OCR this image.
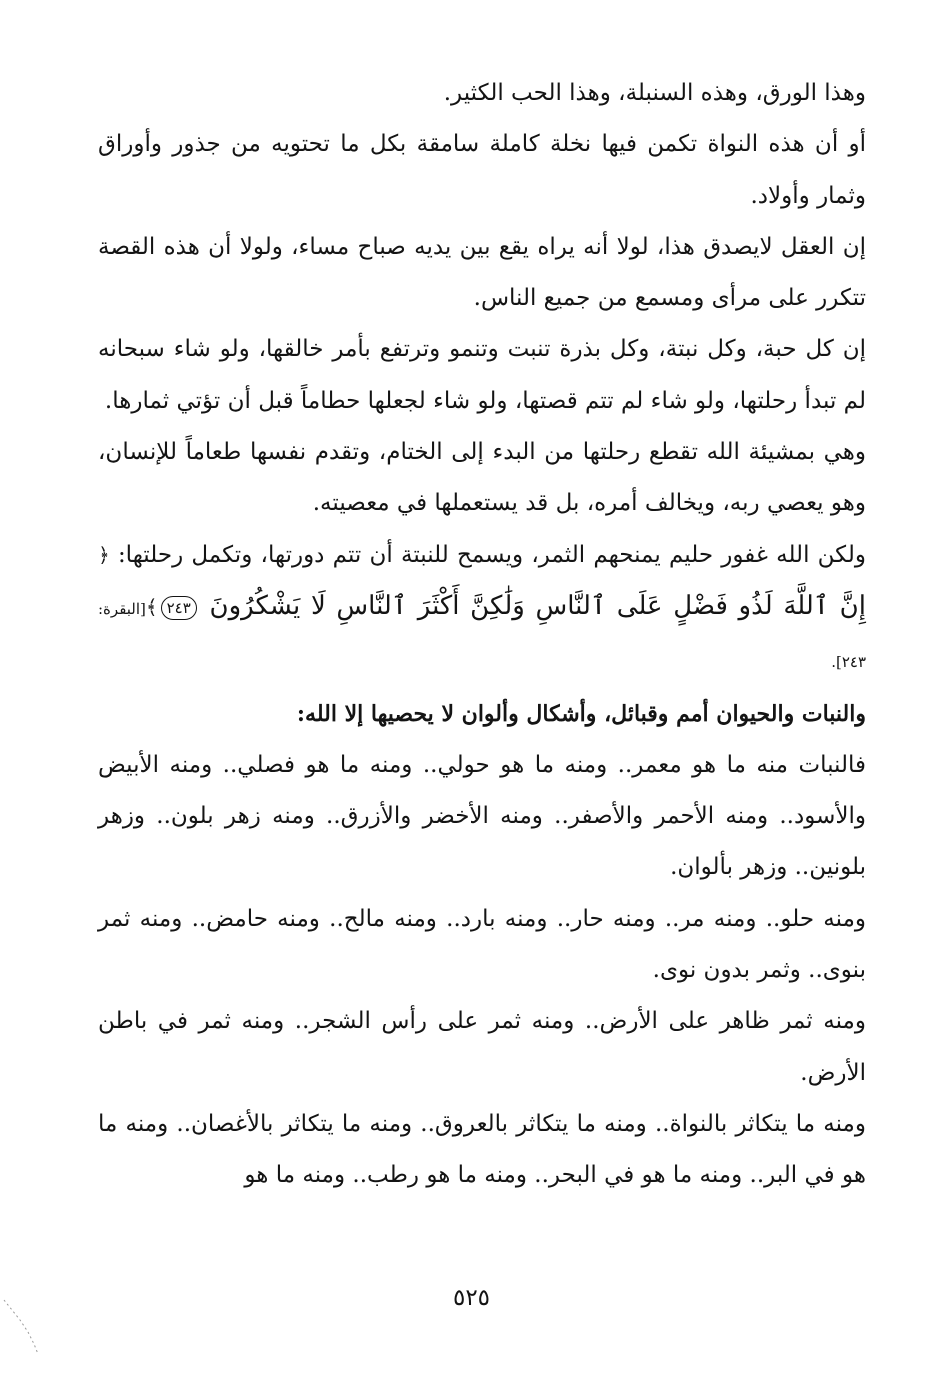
وهذا الورق، وهذه السنبلة، وهذا الحب الكثير.

أو أن هذه النواة تكمن فيها نخلة كاملة سامقة بكل ما تحتويه من جذور وأوراق وثمار وأولاد.

إن العقل لايصدق هذا، لولا أنه يراه يقع بين يديه صباح مساء، ولولا أن هذه القصة تتكرر على مرأى ومسمع من جميع الناس.

إن كل حبة، وكل نبتة، وكل بذرة تنبت وتنمو وترتفع بأمر خالقها، ولو شاء سبحانه لم تبدأ رحلتها، ولو شاء لم تتم قصتها، ولو شاء لجعلها حطاماً قبل أن تؤتي ثمارها.

وهي بمشيئة الله تقطع رحلتها من البدء إلى الختام، وتقدم نفسها طعاماً للإنسان، وهو يعصي ربه، ويخالف أمره، بل قد يستعملها في معصيته.

ولكن الله غفور حليم يمنحهم الثمر، ويسمح للنبتة أن تتم دورتها، وتكمل رحلتها: ﴿ إِنَّ ٱللَّهَ لَذُو فَضْلٍ عَلَى ٱلنَّاسِ وَلَٰكِنَّ أَكْثَرَ ٱلنَّاسِ لَا يَشْكُرُونَ ٢٤٣﴾[البقرة: ٢٤٣].

والنبات والحيوان أمم وقبائل، وأشكال وألوان لا يحصيها إلا الله:

فالنبات منه ما هو معمر.. ومنه ما هو حولي.. ومنه ما هو فصلي.. ومنه الأبيض والأسود.. ومنه الأحمر والأصفر.. ومنه الأخضر والأزرق.. ومنه زهر بلون.. وزهر بلونين.. وزهر بألوان.

ومنه حلو.. ومنه مر.. ومنه حار.. ومنه بارد.. ومنه مالح.. ومنه حامض.. ومنه ثمر بنوى.. وثمر بدون نوى.

ومنه ثمر ظاهر على الأرض.. ومنه ثمر على رأس الشجر.. ومنه ثمر في باطن الأرض.

ومنه ما يتكاثر بالنواة.. ومنه ما يتكاثر بالعروق.. ومنه ما يتكاثر بالأغصان.. ومنه ما هو في البر.. ومنه ما هو في البحر.. ومنه ما هو رطب.. ومنه ما هو

٥٢٥
